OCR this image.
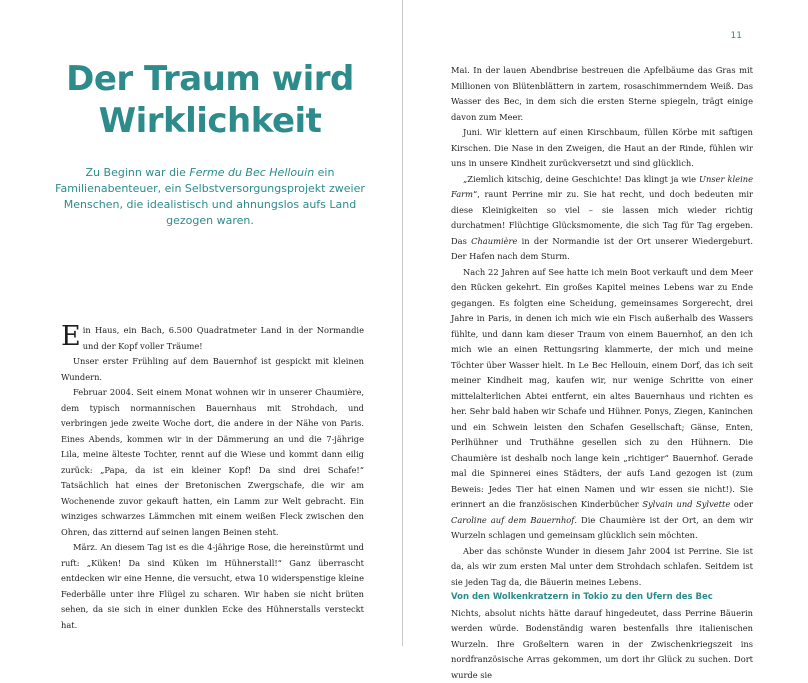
Der Traum wird
Wirklichkeit

Zu Beginn war die Ferme du Bec Hellouin ein Familienabenteuer, ein Selbstversorgungsprojekt zweier Menschen, die idealistisch und ahnungslos aufs Land gezogen waren.

Ein Haus, ein Bach, 6.500 Quadratmeter Land in der Normandie und der Kopf voller Träume!

Unser erster Frühling auf dem Bauernhof ist gespickt mit kleinen Wundern.

Februar 2004. Seit einem Monat wohnen wir in unserer Chaumière, dem typisch normannischen Bauernhaus mit Strohdach, und verbringen jede zweite Woche dort, die andere in der Nähe von Paris. Eines Abends, kommen wir in der Dämmerung an und die 7-jährige Lila, meine älteste Tochter, rennt auf die Wiese und kommt dann eilig zurück: „Papa, da ist ein kleiner Kopf! Da sind drei Schafe!“ Tatsächlich hat eines der Bretonischen Zwergschafe, die wir am Wochenende zuvor gekauft hatten, ein Lamm zur Welt gebracht. Ein winziges schwarzes Lämmchen mit einem weißen Fleck zwischen den Ohren, das zitternd auf seinen langen Beinen steht.

März. An diesem Tag ist es die 4-jährige Rose, die hereinstürmt und ruft: „Küken! Da sind Küken im Hühnerstall!“ Ganz überrascht entdecken wir eine Henne, die versucht, etwa 10 widerspenstige kleine Federbälle unter ihre Flügel zu scharen. Wir haben sie nicht brüten sehen, da sie sich in einer dunklen Ecke des Hühnerstalls versteckt hat.

11

Mai. In der lauen Abendbrise bestreuen die Apfelbäume das Gras mit Millionen von Blütenblättern in zartem, rosaschimmerndem Weiß. Das Wasser des Bec, in dem sich die ersten Sterne spiegeln, trägt einige davon zum Meer.

Juni. Wir klettern auf einen Kirschbaum, füllen Körbe mit saftigen Kirschen. Die Nase in den Zweigen, die Haut an der Rinde, fühlen wir uns in unsere Kindheit zurückversetzt und sind glücklich.

„Ziemlich kitschig, deine Geschichte! Das klingt ja wie Unser kleine Farm“, raunt Perrine mir zu. Sie hat recht, und doch bedeuten mir diese Kleinigkeiten so viel – sie lassen mich wieder richtig durchatmen! Flüchtige Glücksmomente, die sich Tag für Tag ergeben. Das Chaumière in der Normandie ist der Ort unserer Wiedergeburt. Der Hafen nach dem Sturm.

Nach 22 Jahren auf See hatte ich mein Boot verkauft und dem Meer den Rücken gekehrt. Ein großes Kapitel meines Lebens war zu Ende gegangen. Es folgten eine Scheidung, gemeinsames Sorgerecht, drei Jahre in Paris, in denen ich mich wie ein Fisch außerhalb des Wassers fühlte, und dann kam dieser Traum von einem Bauernhof, an den ich mich wie an einen Rettungsring klammerte, der mich und meine Töchter über Wasser hielt. In Le Bec Hellouin, einem Dorf, das ich seit meiner Kindheit mag, kaufen wir, nur wenige Schritte von einer mittelalterlichen Abtei entfernt, ein altes Bauernhaus und richten es her. Sehr bald haben wir Schafe und Hühner. Ponys, Ziegen, Kaninchen und ein Schwein leisten den Schafen Gesellschaft; Gänse, Enten, Perlhühner und Truthähne gesellen sich zu den Hühnern. Die Chaumière ist deshalb noch lange kein „richtiger“ Bauernhof. Gerade mal die Spinnerei eines Städters, der aufs Land gezogen ist (zum Beweis: Jedes Tier hat einen Namen und wir essen sie nicht!). Sie erinnert an die französischen Kinderbücher Sylvain und Sylvette oder Caroline auf dem Bauernhof. Die Chaumière ist der Ort, an dem wir Wurzeln schlagen und gemeinsam glücklich sein möchten.

Aber das schönste Wunder in diesem Jahr 2004 ist Perrine. Sie ist da, als wir zum ersten Mal unter dem Strohdach schlafen. Seitdem ist sie jeden Tag da, die Bäuerin meines Lebens.

Von den Wolkenkratzern in Tokio zu den Ufern des Bec

Nichts, absolut nichts hätte darauf hingedeutet, dass Perrine Bäuerin werden würde. Bodenständig waren bestenfalls ihre italienischen Wurzeln. Ihre Großeltern waren in der Zwischenkriegszeit ins nordfranzösische Arras gekommen, um dort ihr Glück zu suchen. Dort wurde sie
